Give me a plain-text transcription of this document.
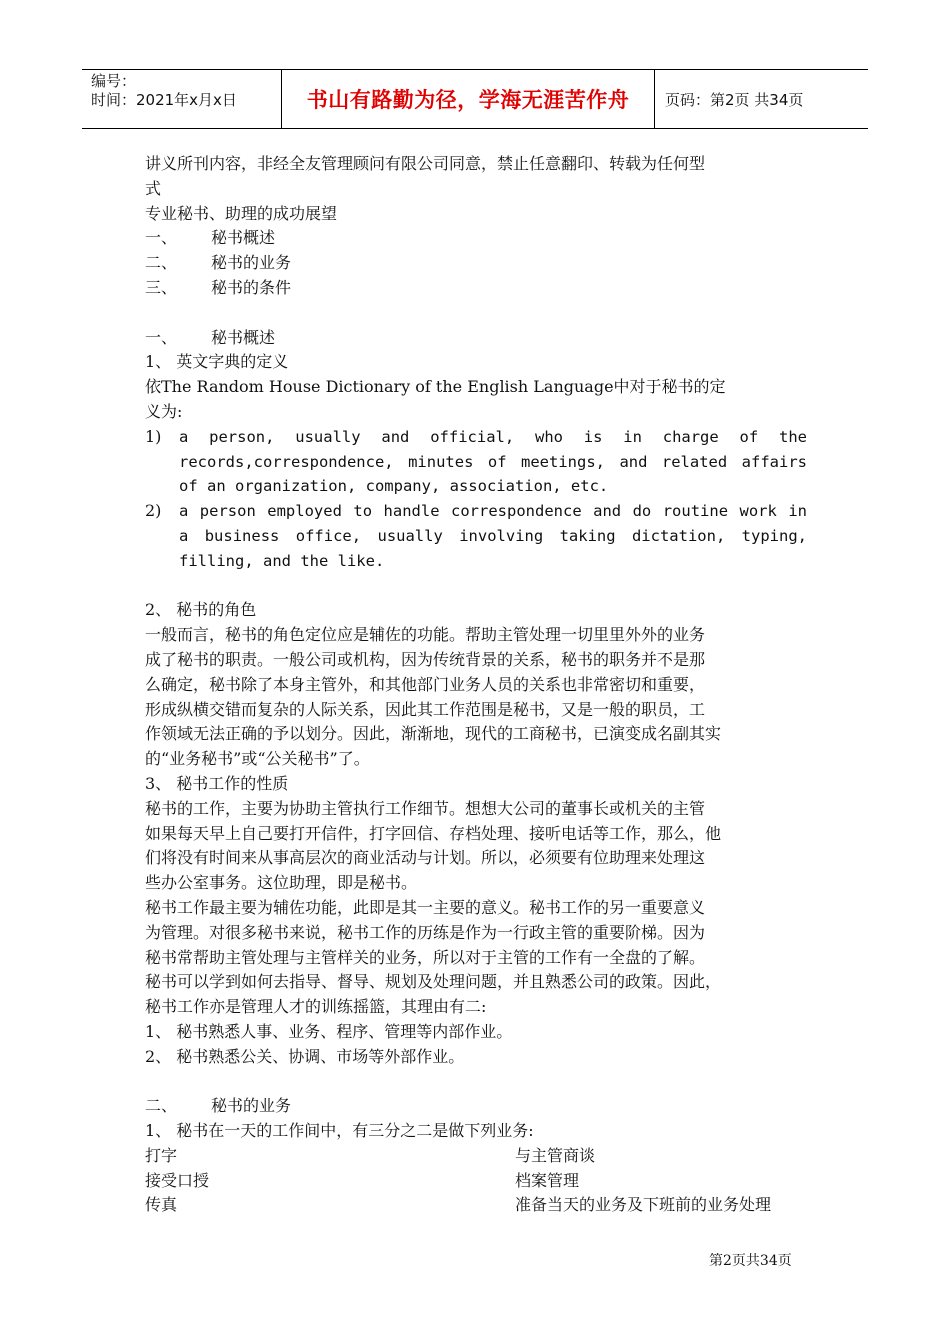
编号：
时间：2021年x月x日	书山有路勤为径，学海无涯苦作舟	页码：第2页 共34页
讲义所刊内容，非经全友管理顾问有限公司同意，禁止任意翻印、转载为任何型
式
专业秘书、助理的成功展望
一、	秘书概述
二、	秘书的业务
三、	秘书的条件
一、	秘书概述
1、 英文字典的定义
依The Random House Dictionary of the English Language中对于秘书的定
义为:
1)	a person, usually and official, who is in charge of the
records,correspondence, minutes of meetings, and related affairs
of an organization, company, association, etc.
2)	a person employed to handle correspondence and do routine work in
a business office, usually involving taking dictation, typing,
filling, and the like.
2、 秘书的角色
一般而言，秘书的角色定位应是辅佐的功能。帮助主管处理一切里里外外的业务
成了秘书的职责。一般公司或机构，因为传统背景的关系，秘书的职务并不是那
么确定，秘书除了本身主管外，和其他部门业务人员的关系也非常密切和重要，
形成纵横交错而复杂的人际关系，因此其工作范围是秘书，又是一般的职员，工
作领域无法正确的予以划分。因此，渐渐地，现代的工商秘书，已演变成名副其实
的“业务秘书”或“公关秘书”了。
3、 秘书工作的性质
秘书的工作，主要为协助主管执行工作细节。想想大公司的董事长或机关的主管
如果每天早上自己要打开信件，打字回信、存档处理、接听电话等工作，那么，他
们将没有时间来从事高层次的商业活动与计划。所以，必须要有位助理来处理这
些办公室事务。这位助理，即是秘书。
秘书工作最主要为辅佐功能，此即是其一主要的意义。秘书工作的另一重要意义
为管理。对很多秘书来说，秘书工作的历练是作为一行政主管的重要阶梯。因为
秘书常帮助主管处理与主管样关的业务，所以对于主管的工作有一全盘的了解。
秘书可以学到如何去指导、督导、规划及处理问题，并且熟悉公司的政策。因此，
秘书工作亦是管理人才的训练摇篮，其理由有二:
1、 秘书熟悉人事、业务、程序、管理等内部作业。
2、 秘书熟悉公关、协调、市场等外部作业。
二、	秘书的业务
1、 秘书在一天的工作间中，有三分之二是做下列业务:
打字	与主管商谈
接受口授	档案管理
传真	准备当天的业务及下班前的业务处理
第2页共34页
